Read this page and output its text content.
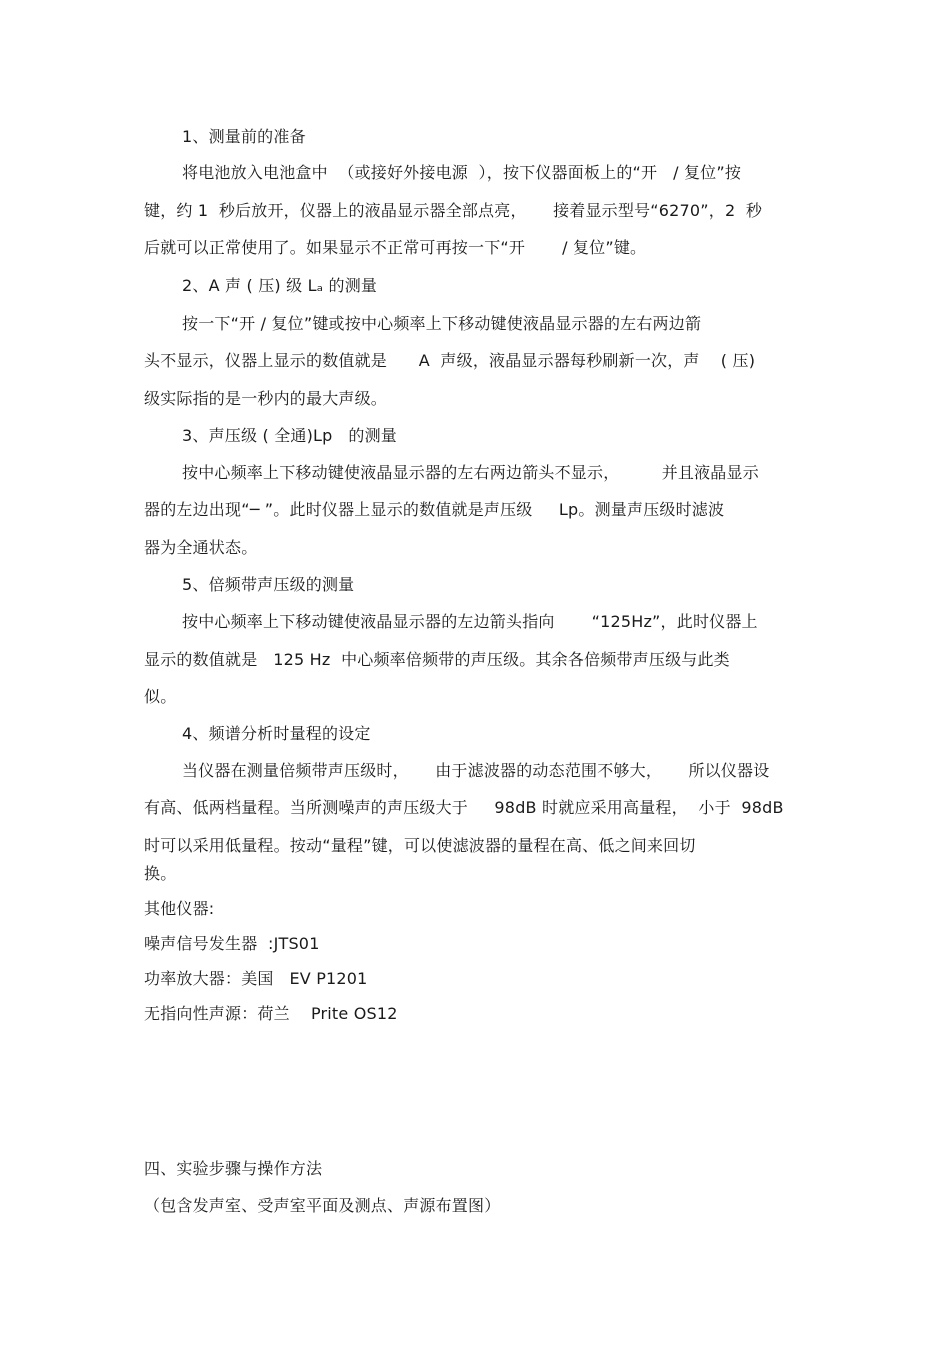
1、测量前的准备
将电池放入电池盒中  （或接好外接电源  ），按下仪器面板上的“开   / 复位”按
键，约 1  秒后放开，仪器上的液晶显示器全部点亮，     接着显示型号“6270”，2  秒
后就可以正常使用了。如果显示不正常可再按一下“开       / 复位”键。
2、A 声 ( 压) 级 Lₐ 的测量
按一下“开 / 复位”键或按中心频率上下移动键使液晶显示器的左右两边箭
头不显示，仪器上显示的数值就是      A  声级，液晶显示器每秒刷新一次，声    ( 压)
级实际指的是一秒内的最大声级。
3、声压级 ( 全通)Lp   的测量
按中心频率上下移动键使液晶显示器的左右两边箭头不显示，        并且液晶显示
器的左边出现“─ ”。此时仪器上显示的数值就是声压级     Lp。测量声压级时滤波
器为全通状态。
5、倍频带声压级的测量
按中心频率上下移动键使液晶显示器的左边箭头指向       “125Hz”，此时仪器上
显示的数值就是   125 Hz  中心频率倍频带的声压级。其余各倍频带声压级与此类
似。
4、频谱分析时量程的设定
当仪器在测量倍频带声压级时，     由于滤波器的动态范围不够大，     所以仪器设
有高、低两档量程。当所测噪声的声压级大于     98dB 时就应采用高量程，  小于  98dB
时可以采用低量程。按动“量程”键，可以使滤波器的量程在高、低之间来回切
换。
其他仪器:
噪声信号发生器  :JTS01
功率放大器：美国   EV P1201
无指向性声源：荷兰    Prite OS12
四、实验步骤与操作方法
（包含发声室、受声室平面及测点、声源布置图）
